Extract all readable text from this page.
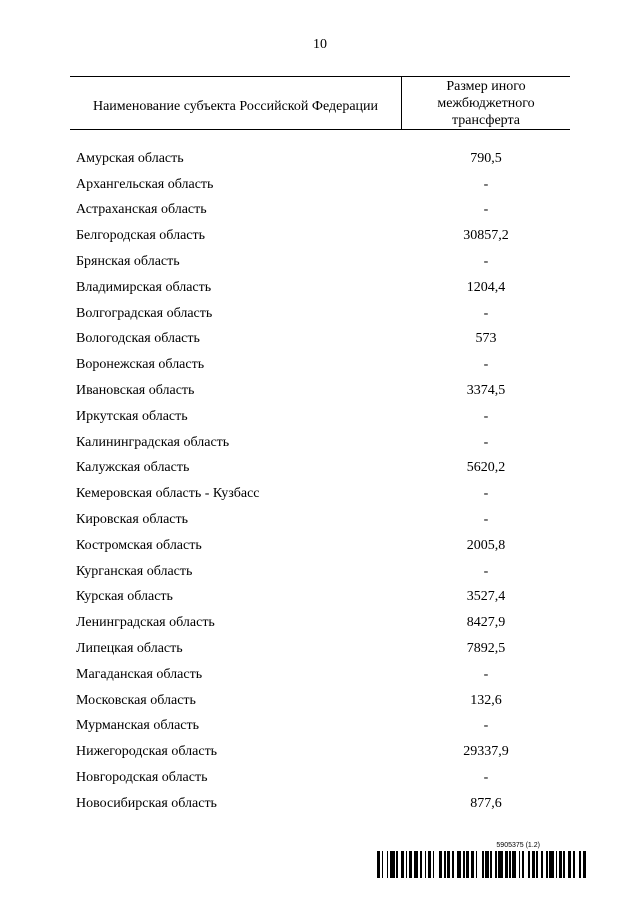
10
Наименование субъекта Российской Федерации
Размер иного
межбюджетного
трансферта
Амурская область	790,5
Архангельская область	-
Астраханская область	-
Белгородская область	30857,2
Брянская область	-
Владимирская область	1204,4
Волгоградская область	-
Вологодская область	573
Воронежская область	-
Ивановская область	3374,5
Иркутская область	-
Калининградская область	-
Калужская область	5620,2
Кемеровская область - Кузбасс	-
Кировская область	-
Костромская область	2005,8
Курганская область	-
Курская область	3527,4
Ленинградская область	8427,9
Липецкая область	7892,5
Магаданская область	-
Московская область	132,6
Мурманская область	-
Нижегородская область	29337,9
Новгородская область	-
Новосибирская область	877,6
5905375 (1.2)
